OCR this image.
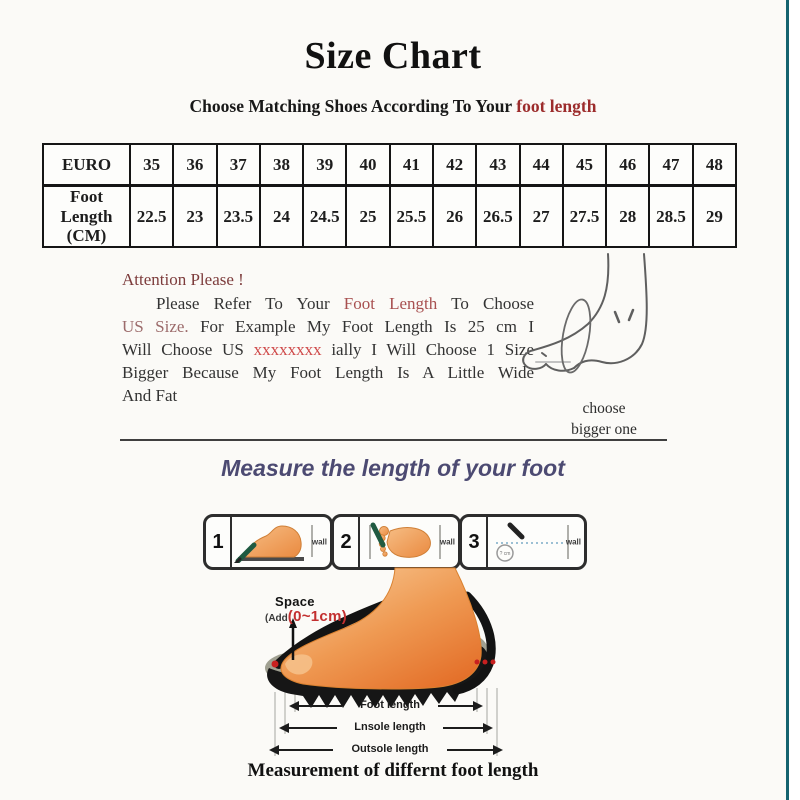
Size Chart
Choose Matching Shoes According To Your foot length
EURO	35	36	37	38	39	40	41	42	43	44	45	46	47	48
Foot Length (CM)	22.5	23	23.5	24	24.5	25	25.5	26	26.5	27	27.5	28	28.5	29
Attention Please !
Please Refer To Your Foot Length To Choose
US Size. For Example My Foot Length Is 25 cm I
Will Choose US xxxxxxxx ially I Will Choose 1 Size
Bigger Because My Foot Length Is A Little Wide
And Fat
choose
bigger one
Measure the length of your foot
1	wall 2	wall 3
? cm
wall
Space
(Add(0~1cm)
Foot length
Lnsole length
Outsole length
Measurement of differnt foot length
